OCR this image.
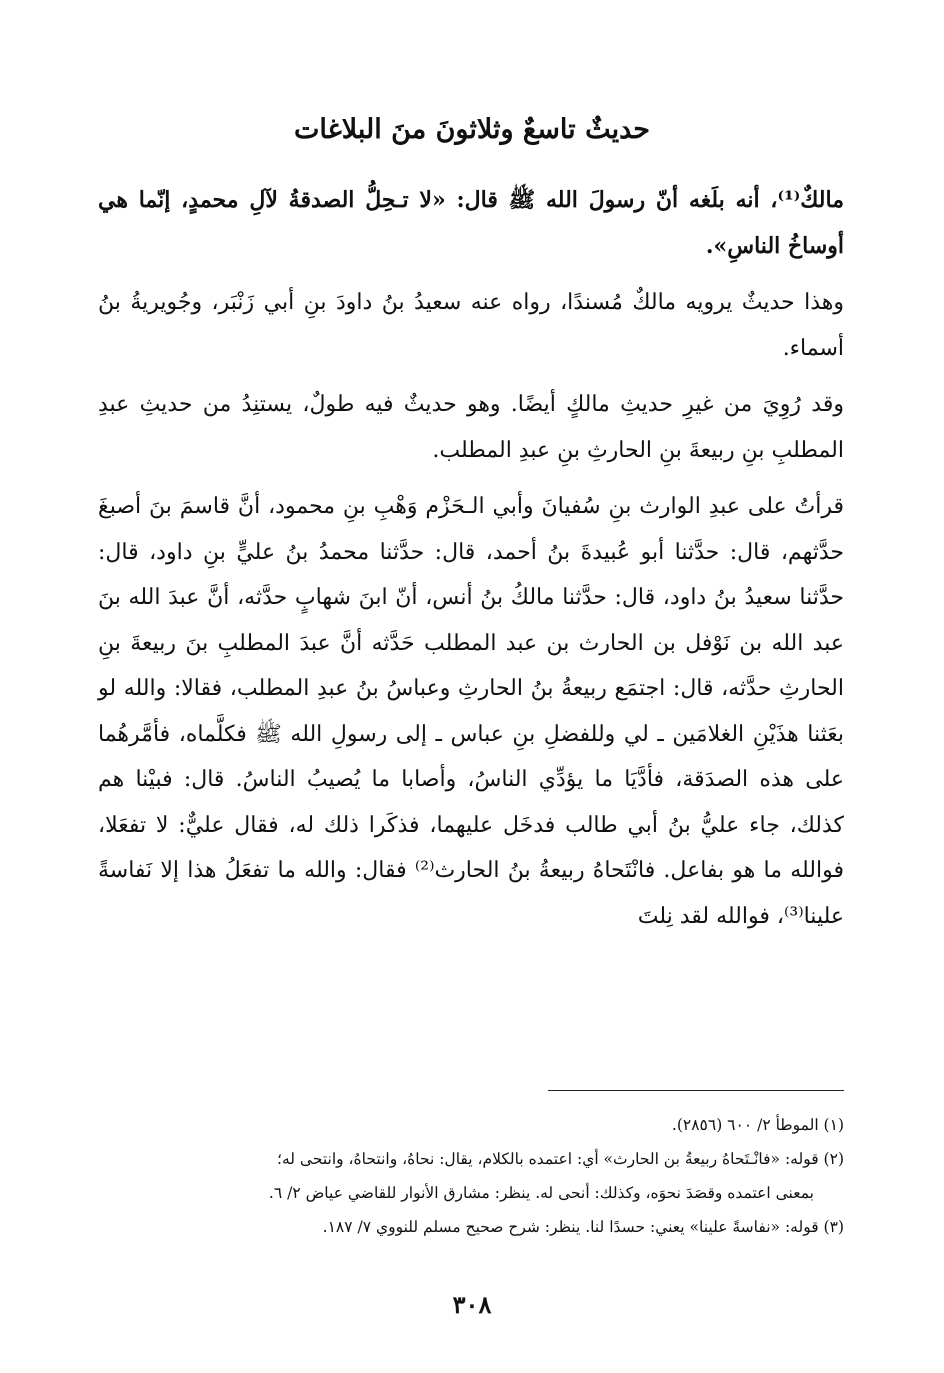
حديثٌ تاسعٌ وثلاثونَ منَ البلاغات

مالكٌ⁽¹⁾، أنه بلَغه أنّ رسولَ الله ﷺ قال: «لا تـحِلُّ الصدقةُ لآلِ محمدٍ، إنّما هي أوساخُ الناسِ».

وهذا حديثٌ يرويه مالكٌ مُسندًا، رواه عنه سعيدُ بنُ داودَ بنِ أبي زَنْبَر، وجُويريةُ بنُ أسماء.

وقد رُوِيَ من غيرِ حديثِ مالكٍ أيضًا. وهو حديثٌ فيه طولٌ، يستنِدُ من حديثِ عبدِ المطلبِ بنِ ربيعةَ بنِ الحارثِ بنِ عبدِ المطلب.

قرأتُ على عبدِ الوارث بنِ سُفيانَ وأبي الـحَزْم وَهْبِ بنِ محمود، أنَّ قاسمَ بنَ أصبغَ حدَّثهم، قال: حدَّثنا أبو عُبيدةَ بنُ أحمد، قال: حدَّثنا محمدُ بنُ عليٍّ بنِ داود، قال: حدَّثنا سعيدُ بنُ داود، قال: حدَّثنا مالكُ بنُ أنس، أنّ ابنَ شهابٍ حدَّثه، أنَّ عبدَ الله بنَ عبد الله بن نَوْفل بن الحارث بن عبد المطلب حَدَّثه أنَّ عبدَ المطلبِ بنَ ربيعةَ بنِ الحارثِ حدَّثه، قال: اجتمَع ربيعةُ بنُ الحارثِ وعباسُ بنُ عبدِ المطلب، فقالا: والله لو بعَثنا هذَيْنِ الغلامَين ـ لي وللفضلِ بنِ عباس ـ إلى رسولِ الله ﷺ فكلَّماه، فأمَّرهُما على هذه الصدَقة، فأدَّيَا ما يؤدِّي الناسُ، وأصابا ما يُصيبُ الناسُ. قال: فبيْنا هم كذلك، جاء عليُّ بنُ أبي طالب فدخَل عليهما، فذكَرا ذلك له، فقال عليٌّ: لا تفعَلا، فوالله ما هو بفاعل. فانْتَحاهُ ربيعةُ بنُ الحارث⁽²⁾ فقال: والله ما تفعَلُ هذا إلا نَفاسةً علينا⁽³⁾، فوالله لقد نِلتَ

(١) الموطأ ٢/ ٦٠٠ (٢٨٥٦).

(٢) قوله: «فانْـتَحاهُ ربيعةُ بن الحارث» أي: اعتمده بالكلام، يقال: نحاهُ، وانتحاهُ، وانتحى له؛

بمعنى اعتمده وقصَدَ نحوَه، وكذلك: أنحى له. ينظر: مشارق الأنوار للقاضي عياض ٢/ ٦.

(٣) قوله: «نفاسةً علينا» يعني: حسدًا لنا. ينظر: شرح صحيح مسلم للنووي ٧/ ١٨٧.

٣٠٨
